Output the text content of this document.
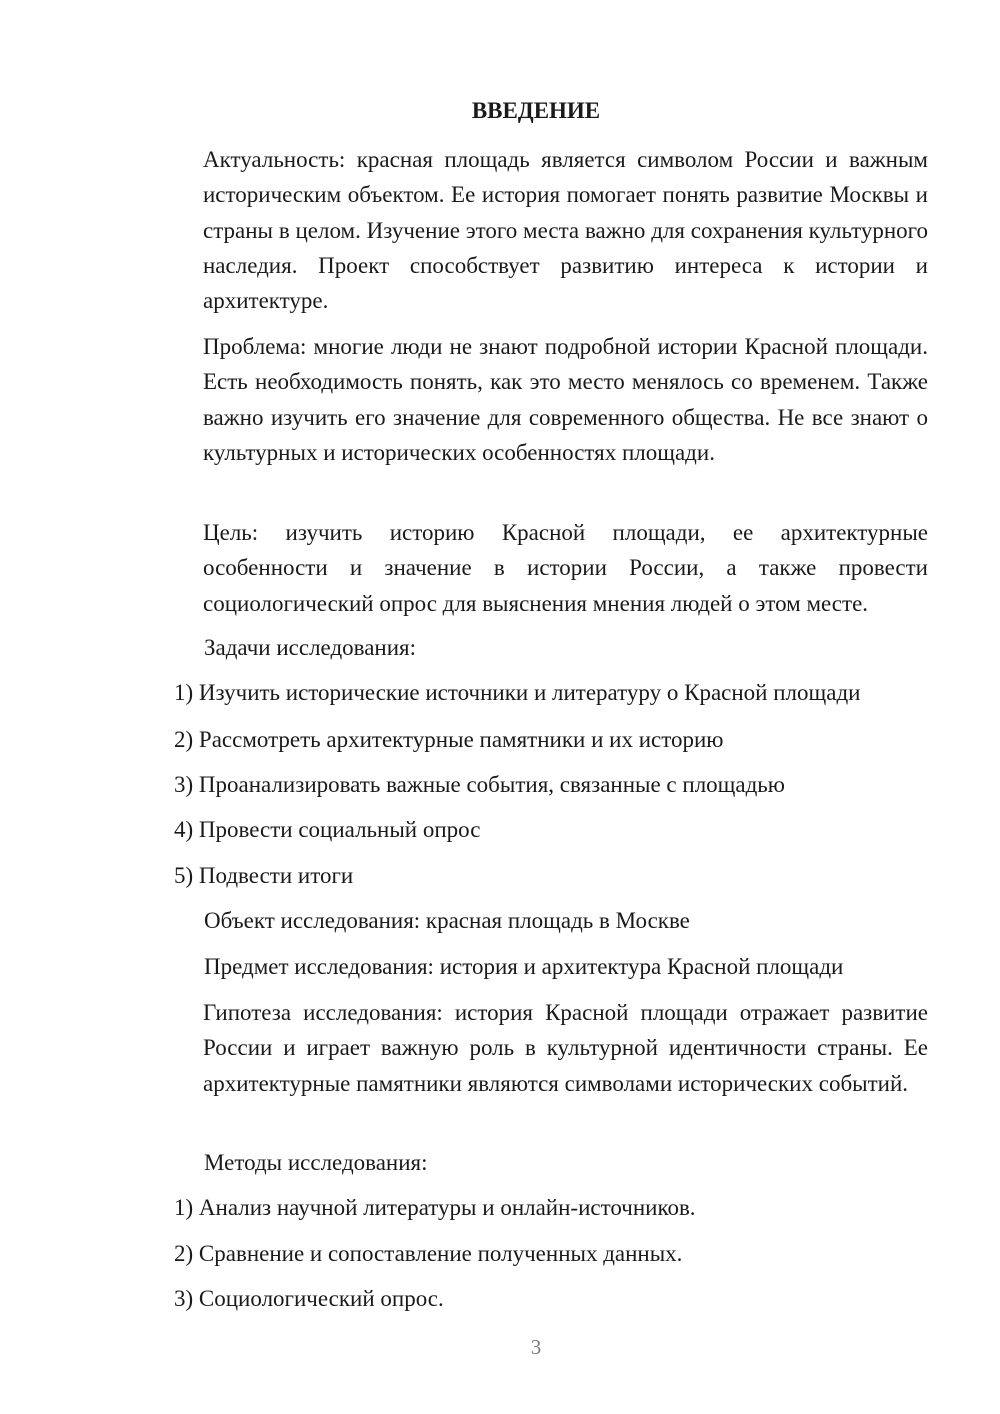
ВВЕДЕНИЕ
Актуальность: красная площадь является символом России и важным историческим объектом. Ее история помогает понять развитие Москвы и страны в целом. Изучение этого места важно для сохранения культурного наследия. Проект способствует развитию интереса к истории и архитектуре.
Проблема: многие люди не знают подробной истории Красной площади. Есть необходимость понять, как это место менялось со временем. Также важно изучить его значение для современного общества. Не все знают о культурных и исторических особенностях площади.
Цель: изучить историю Красной площади, ее архитектурные особенности и значение в истории России, а также провести социологический опрос для выяснения мнения людей о этом месте.
Задачи исследования:
1) Изучить исторические источники и литературу о Красной площади
2) Рассмотреть архитектурные памятники и их историю
3) Проанализировать важные события, связанные с площадью
4) Провести социальный опрос
5) Подвести итоги
Объект исследования: красная площадь в Москве
Предмет исследования: история и архитектура Красной площади
Гипотеза исследования: история Красной площади отражает развитие России и играет важную роль в культурной идентичности страны. Ее архитектурные памятники являются символами исторических событий.
Методы исследования:
1) Анализ научной литературы и онлайн-источников.
2) Сравнение и сопоставление полученных данных.
3) Социологический опрос.
3
